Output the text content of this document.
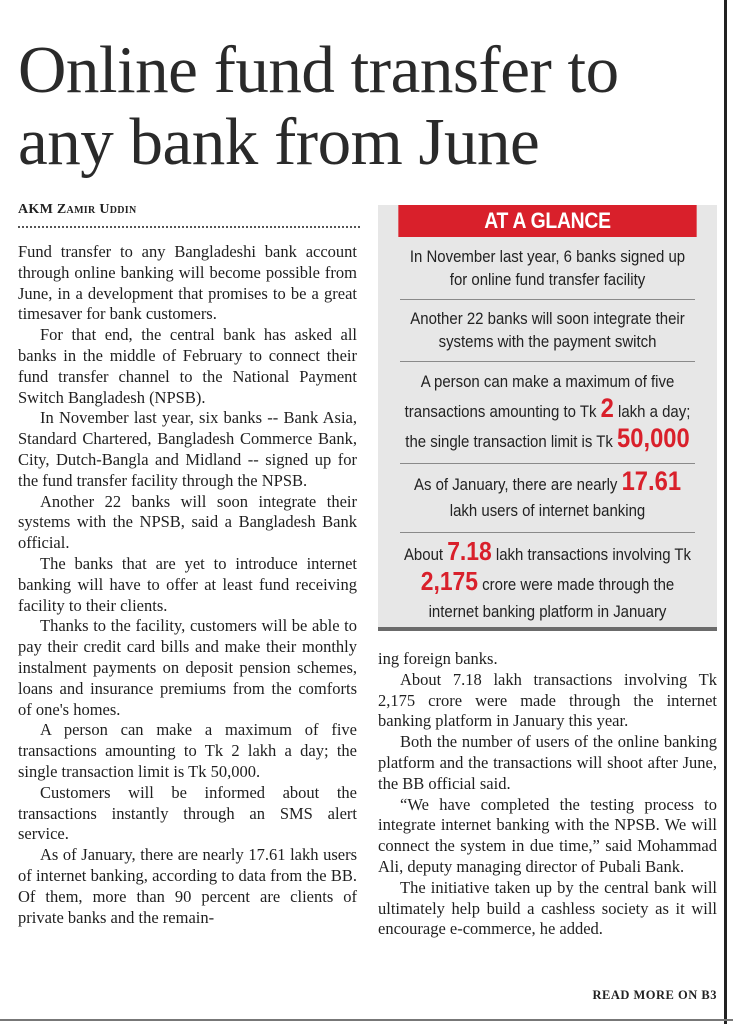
Online fund transfer to any bank from June
AKM Zamir Uddin

Fund transfer to any Bangladeshi bank account through online banking will become possible from June, in a development that promises to be a great timesaver for bank customers.

For that end, the central bank has asked all banks in the middle of February to connect their fund transfer channel to the National Payment Switch Bangladesh (NPSB).

In November last year, six banks -- Bank Asia, Standard Chartered, Bangladesh Commerce Bank, City, Dutch-Bangla and Midland -- signed up for the fund transfer facility through the NPSB.

Another 22 banks will soon integrate their systems with the NPSB, said a Bangladesh Bank official.

The banks that are yet to introduce internet banking will have to offer at least fund receiving facility to their clients.

Thanks to the facility, customers will be able to pay their credit card bills and make their monthly instalment payments on deposit pension schemes, loans and insurance premiums from the comforts of one's homes.

A person can make a maximum of five transactions amounting to Tk 2 lakh a day; the single transaction limit is Tk 50,000.

Customers will be informed about the transactions instantly through an SMS alert service.

As of January, there are nearly 17.61 lakh users of internet banking, according to data from the BB. Of them, more than 90 percent are clients of private banks and the remain-

AT A GLANCE
In November last year, 6 banks signed up for online fund transfer facility
Another 22 banks will soon integrate their systems with the payment switch
A person can make a maximum of five transactions amounting to Tk 2 lakh a day; the single transaction limit is Tk 50,000
As of January, there are nearly 17.61 lakh users of internet banking
About 7.18 lakh transactions involving Tk 2,175 crore were made through the internet banking platform in January

ing foreign banks.

About 7.18 lakh transactions involving Tk 2,175 crore were made through the internet banking platform in January this year.

Both the number of users of the online banking platform and the transactions will shoot after June, the BB official said.

“We have completed the testing process to integrate internet banking with the NPSB. We will connect the system in due time,” said Mohammad Ali, deputy managing director of Pubali Bank.

The initiative taken up by the central bank will ultimately help build a cashless society as it will encourage e-commerce, he added.

READ MORE ON B3
